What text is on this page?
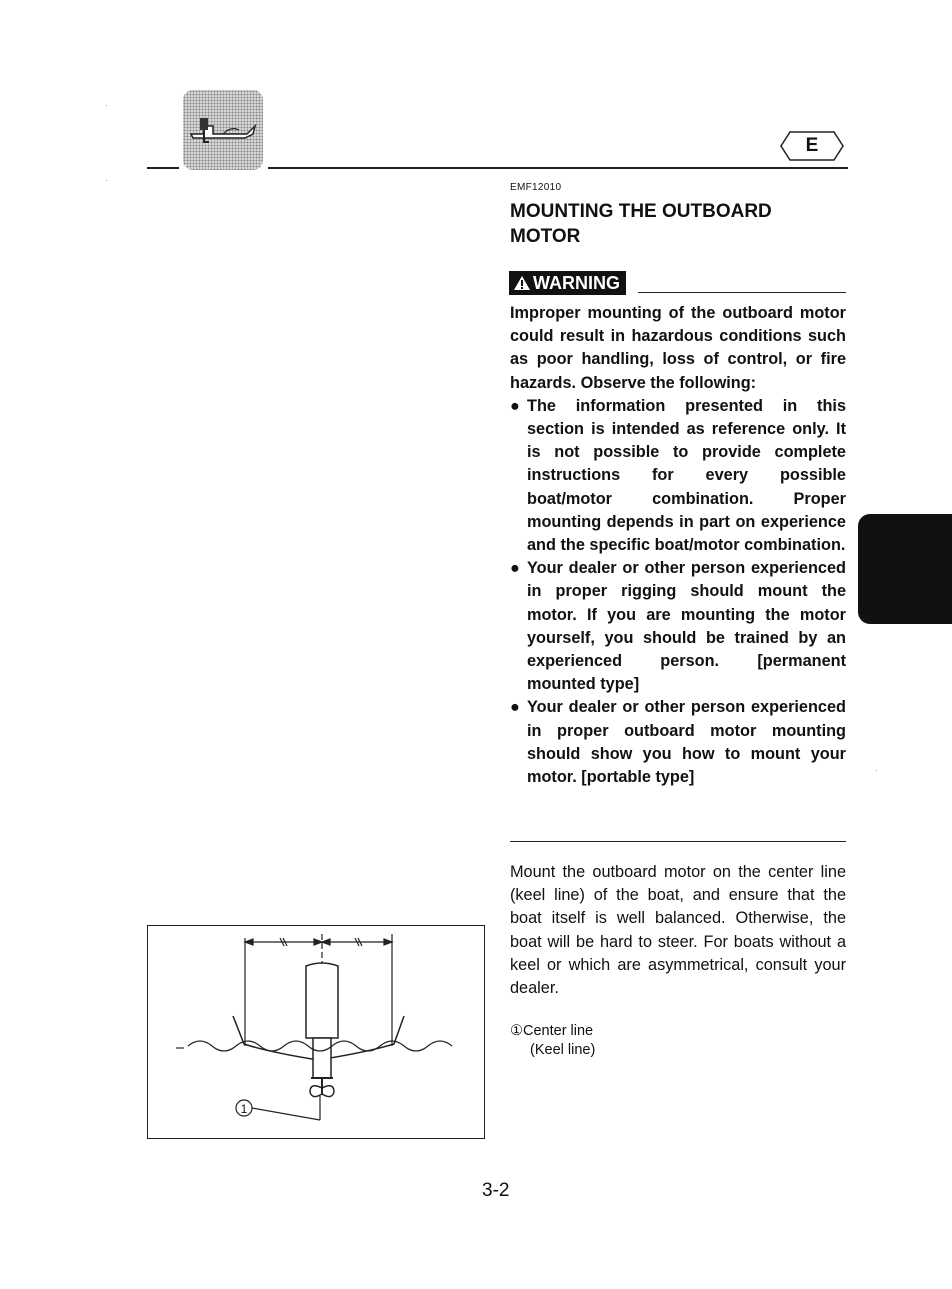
E
EMF12010
MOUNTING THE OUTBOARD MOTOR
WARNING

Improper mounting of the outboard motor could result in hazardous conditions such as poor handling, loss of control, or fire hazards. Observe the following:

● The information presented in this section is intended as reference only. It is not possible to provide complete instructions for every possible boat/motor combination. Proper mounting depends in part on experience and the specific boat/motor combination.
● Your dealer or other person experienced in proper rigging should mount the motor. If you are mounting the motor yourself, you should be trained by an experienced person. [permanent mounted type]
● Your dealer or other person experienced in proper outboard motor mounting should show you how to mount your motor. [portable type]
Mount the outboard motor on the center line (keel line) of the boat, and ensure that the boat itself is well balanced. Otherwise, the boat will be hard to steer. For boats without a keel or which are asymmetrical, consult your dealer.
①Center line
(Keel line)
1
3-2
